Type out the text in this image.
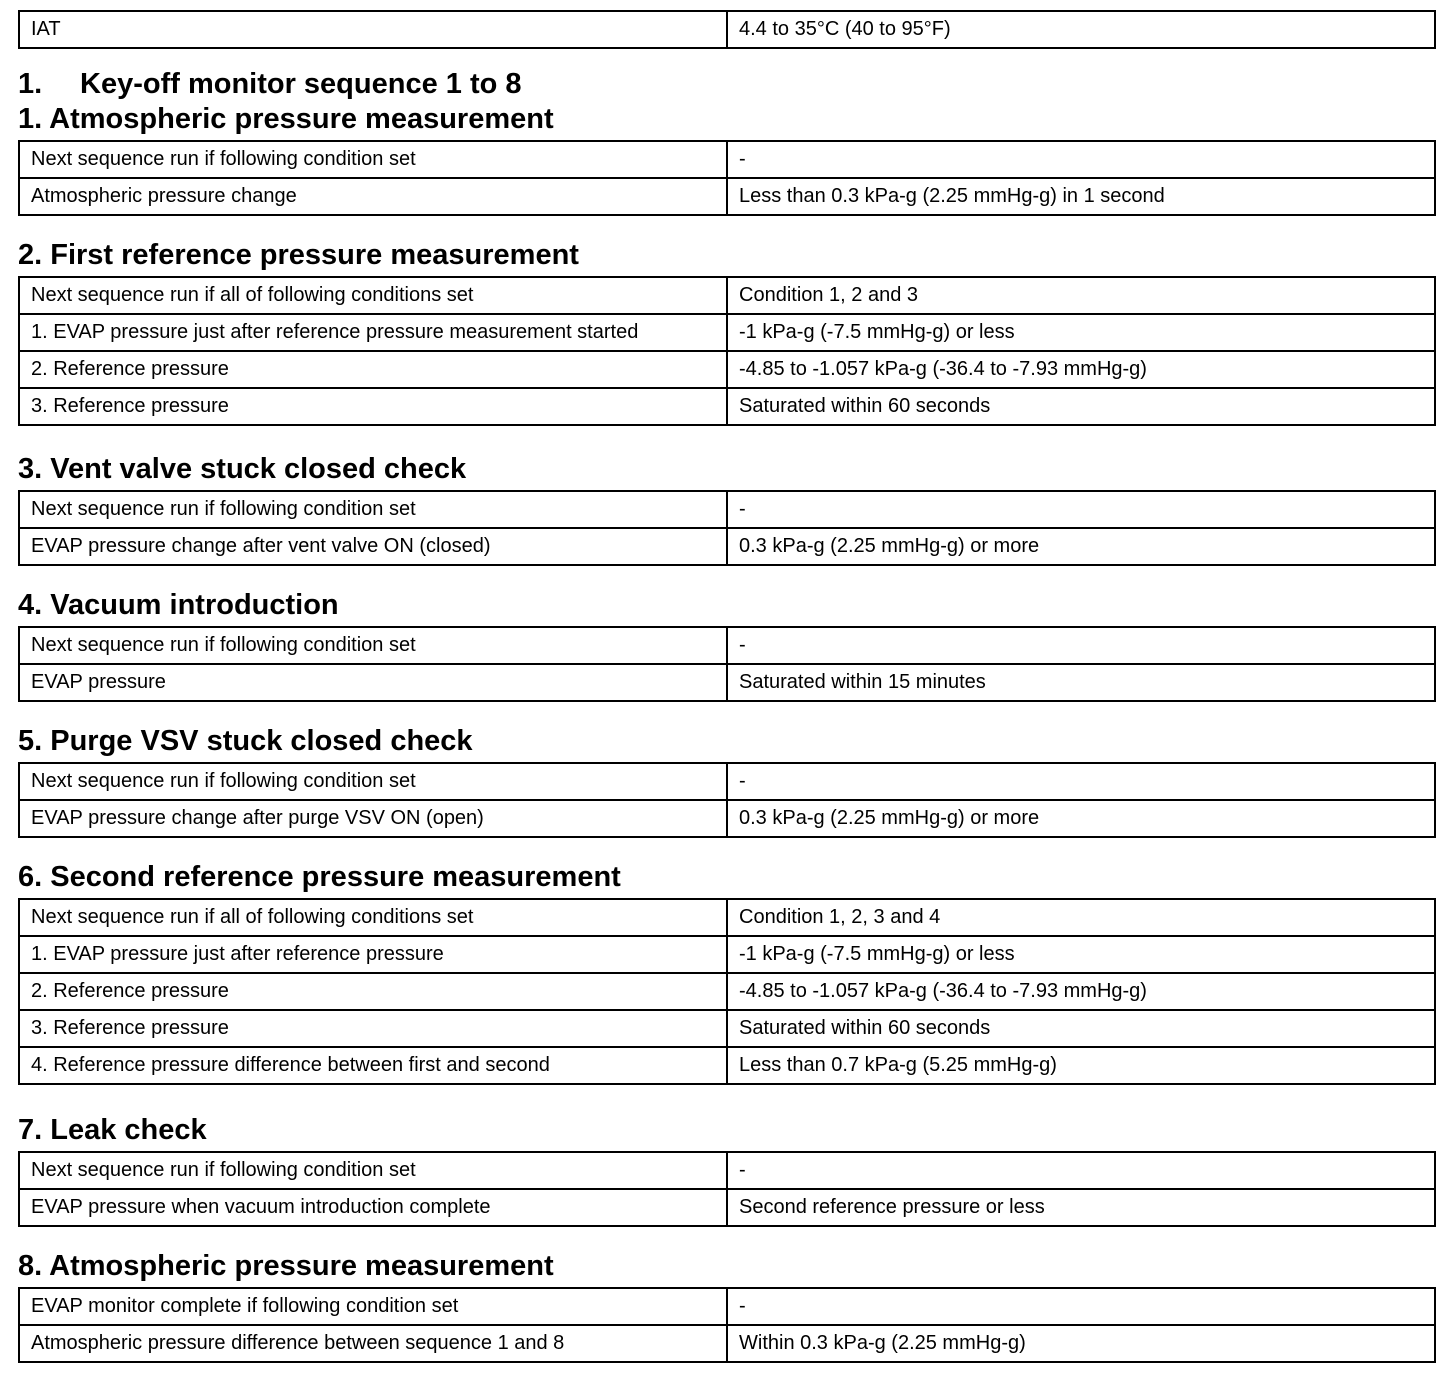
IAT	4.4 to 35°C (40 to 95°F)
1. Key-off monitor sequence 1 to 8
1. Atmospheric pressure measurement
Next sequence run if following condition set	-
Atmospheric pressure change	Less than 0.3 kPa-g (2.25 mmHg-g) in 1 second
2. First reference pressure measurement
Next sequence run if all of following conditions set	Condition 1, 2 and 3
1. EVAP pressure just after reference pressure measurement started	-1 kPa-g (-7.5 mmHg-g) or less
2. Reference pressure	-4.85 to -1.057 kPa-g (-36.4 to -7.93 mmHg-g)
3. Reference pressure	Saturated within 60 seconds
3. Vent valve stuck closed check
Next sequence run if following condition set	-
EVAP pressure change after vent valve ON (closed)	0.3 kPa-g (2.25 mmHg-g) or more
4. Vacuum introduction
Next sequence run if following condition set	-
EVAP pressure	Saturated within 15 minutes
5. Purge VSV stuck closed check
Next sequence run if following condition set	-
EVAP pressure change after purge VSV ON (open)	0.3 kPa-g (2.25 mmHg-g) or more
6. Second reference pressure measurement
Next sequence run if all of following conditions set	Condition 1, 2, 3 and 4
1. EVAP pressure just after reference pressure	-1 kPa-g (-7.5 mmHg-g) or less
2. Reference pressure	-4.85 to -1.057 kPa-g (-36.4 to -7.93 mmHg-g)
3. Reference pressure	Saturated within 60 seconds
4. Reference pressure difference between first and second	Less than 0.7 kPa-g (5.25 mmHg-g)
7. Leak check
Next sequence run if following condition set	-
EVAP pressure when vacuum introduction complete	Second reference pressure or less
8. Atmospheric pressure measurement
EVAP monitor complete if following condition set	-
Atmospheric pressure difference between sequence 1 and 8	Within 0.3 kPa-g (2.25 mmHg-g)
